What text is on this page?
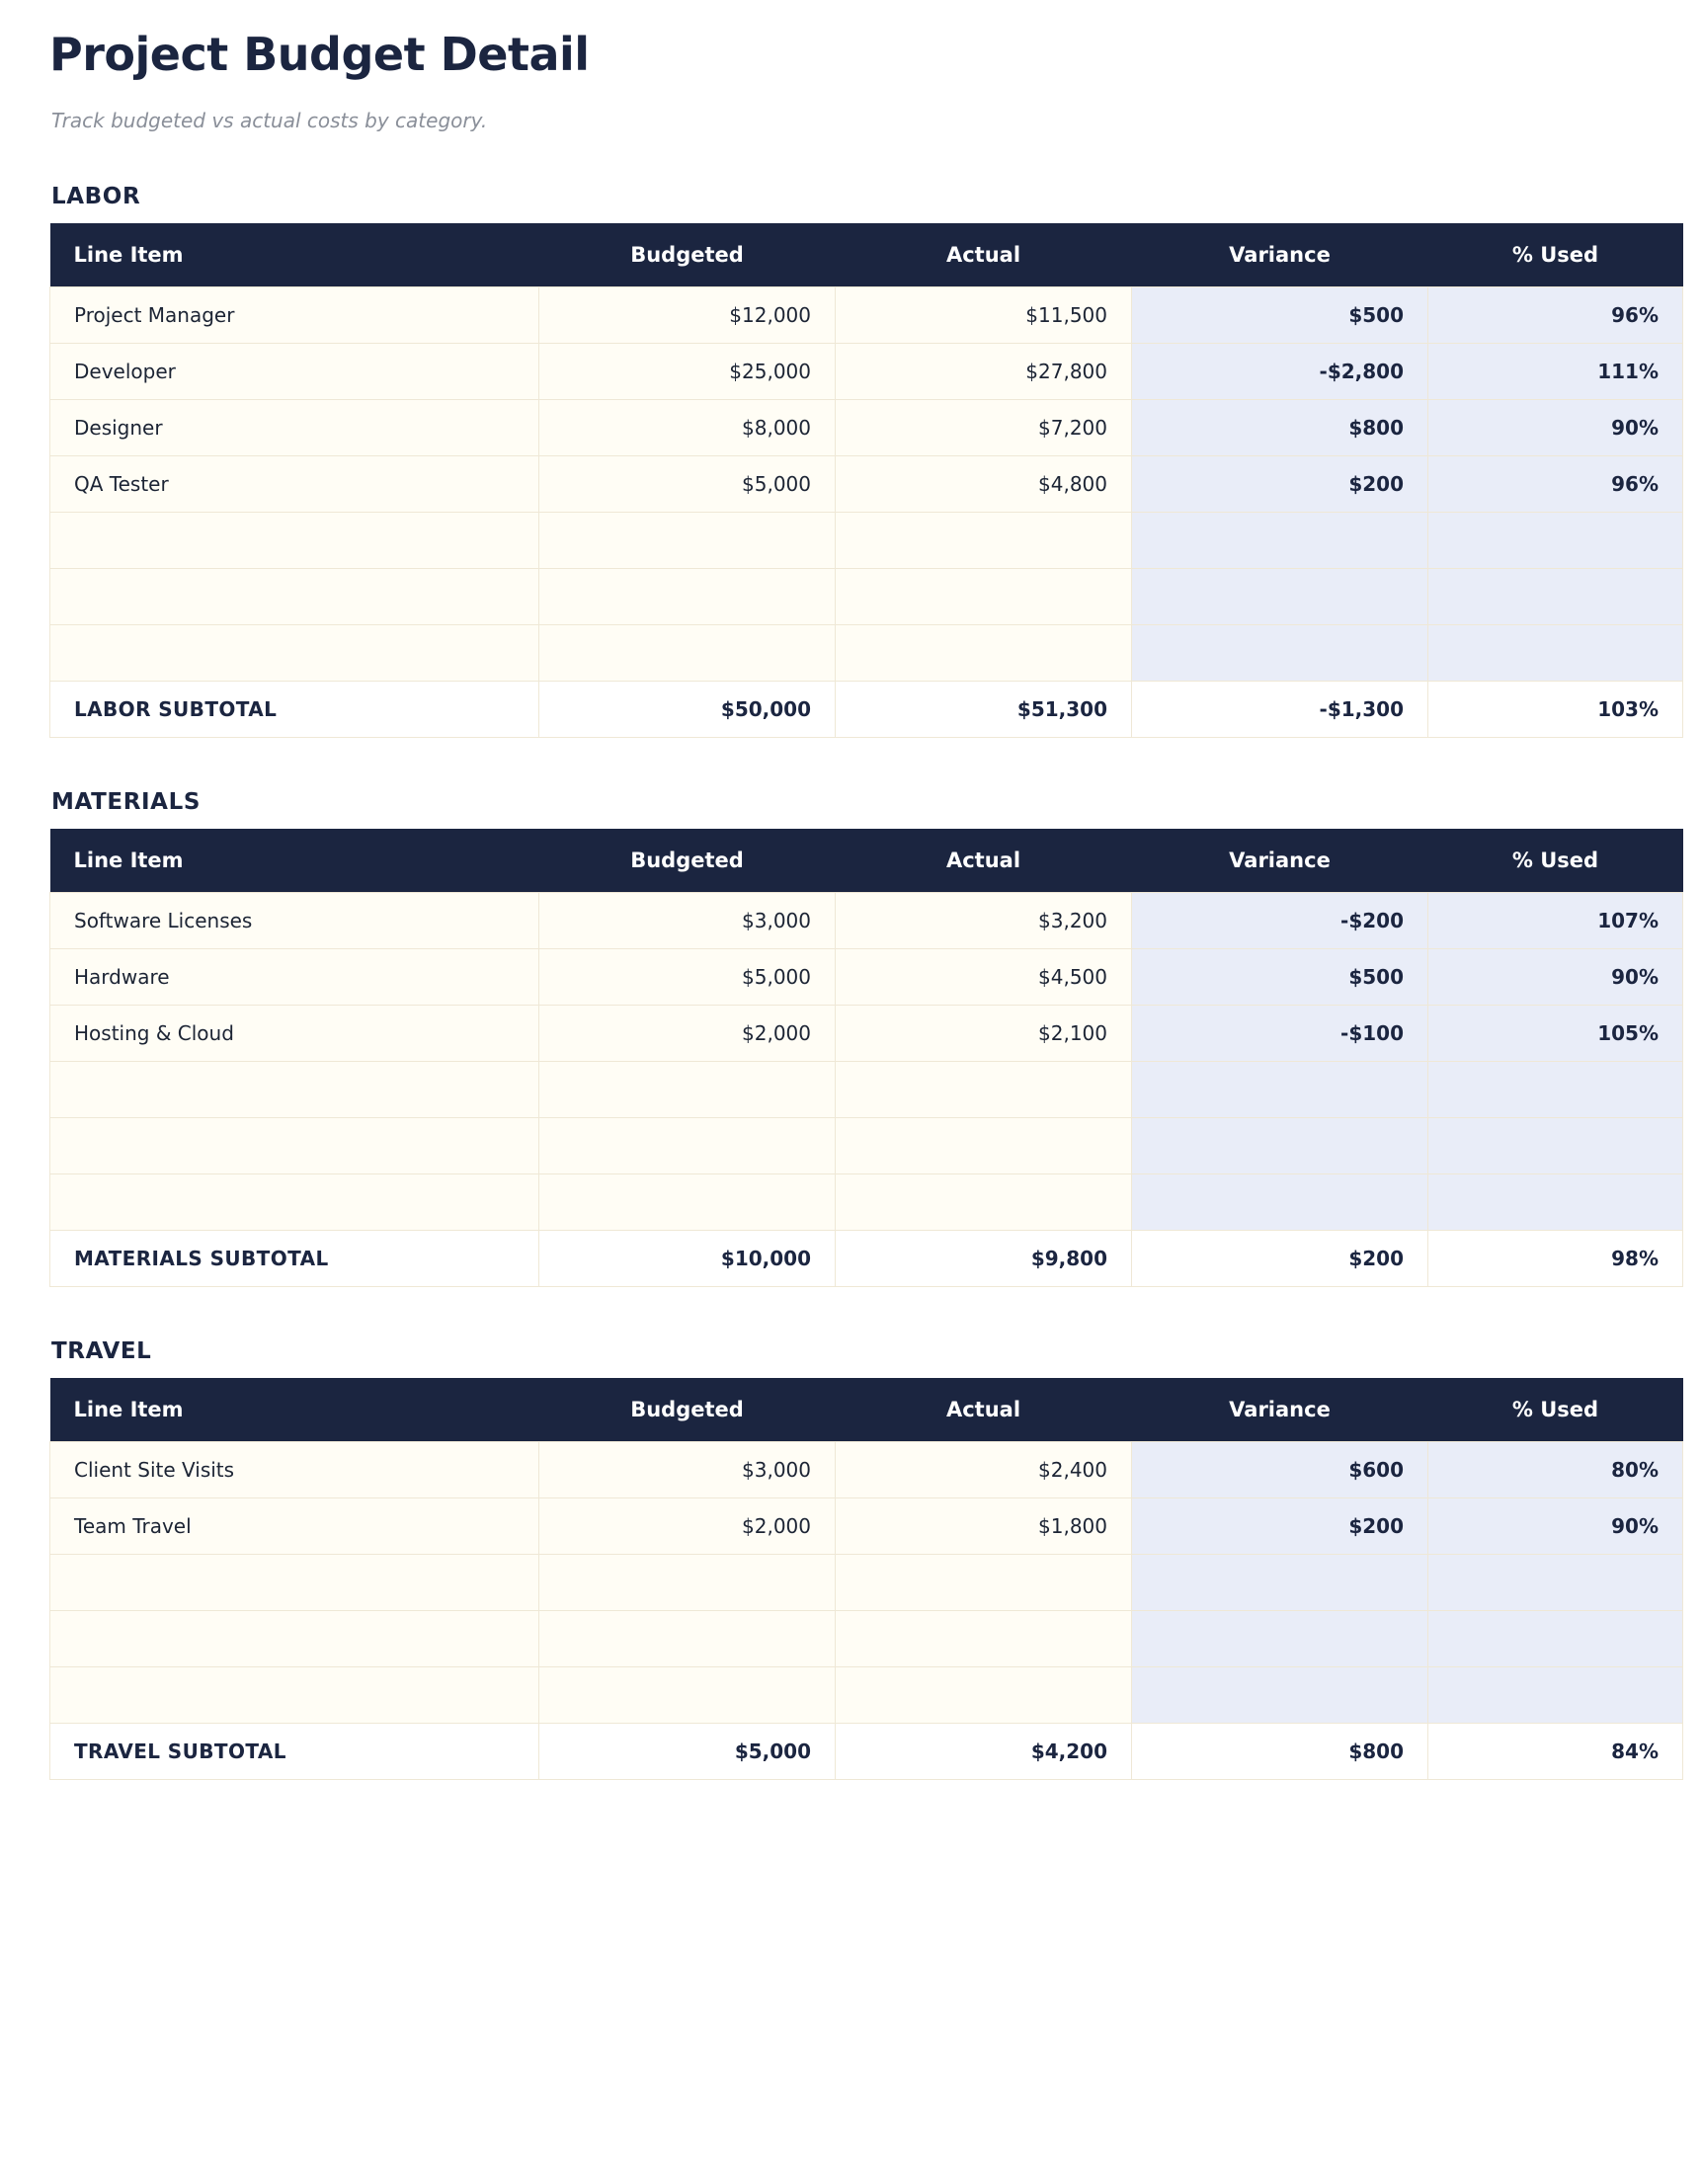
Project Budget Detail
Track budgeted vs actual costs by category.
LABOR
Line Item	Budgeted	Actual	Variance	% Used
Project Manager	$12,000	$11,500	$500	96%
Developer	$25,000	$27,800	-$2,800	111%
Designer	$8,000	$7,200	$800	90%
QA Tester	$5,000	$4,800	$200	96%

LABOR SUBTOTAL	$50,000	$51,300	-$1,300	103%
MATERIALS
Line Item	Budgeted	Actual	Variance	% Used
Software Licenses	$3,000	$3,200	-$200	107%
Hardware	$5,000	$4,500	$500	90%
Hosting & Cloud	$2,000	$2,100	-$100	105%

MATERIALS SUBTOTAL	$10,000	$9,800	$200	98%
TRAVEL
Line Item	Budgeted	Actual	Variance	% Used
Client Site Visits	$3,000	$2,400	$600	80%
Team Travel	$2,000	$1,800	$200	90%

TRAVEL SUBTOTAL	$5,000	$4,200	$800	84%
